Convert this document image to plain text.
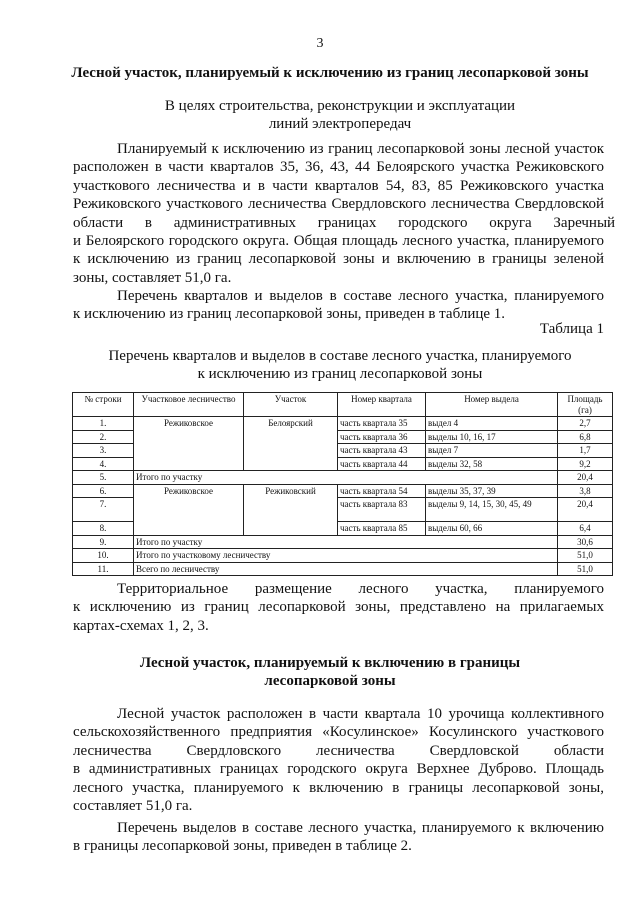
3
Лесной участок, планируемый к исключению из границ лесопарковой зоны
В целях строительства, реконструкции и эксплуатации
линий электропередач
Планируемый к исключению из границ лесопарковой зоны лесной участок
расположен в части кварталов 35, 36, 43, 44 Белоярского участка Режиковского
участкового лесничества и в части кварталов 54, 83, 85 Режиковского участка
Режиковского участкового лесничества Свердловского лесничества Свердловской
области в административных границах городского округа Заречный
и Белоярского городского округа. Общая площадь лесного участка, планируемого
к исключению из границ лесопарковой зоны и включению в границы зеленой
зоны, составляет 51,0 га.
Перечень кварталов и выделов в составе лесного участка, планируемого
к исключению из границ лесопарковой зоны, приведен в таблице 1.
Таблица 1
Перечень кварталов и выделов в составе лесного участка, планируемого
к исключению из границ лесопарковой зоны
№ строки	Участковое лесничество	Участок	Номер квартала	Номер выдела	Площадь (га)
1.	Режиковское	Белоярский	часть квартала 35	выдел 4	2,7
2.			часть квартала 36	выделы 10, 16, 17	6,8
3.			часть квартала 43	выдел 7	1,7
4.			часть квартала 44	выделы 32, 58	9,2
5.	Итого по участку				20,4
6.	Режиковское	Режиковский	часть квартала 54	выделы 35, 37, 39	3,8
7.			часть квартала 83	выделы 9, 14, 15, 30, 45, 49	20,4
8.			часть квартала 85	выделы 60, 66	6,4
9.	Итого по участку				30,6
10.	Итого по участковому лесничеству				51,0
11.	Всего по лесничеству				51,0
Территориальное размещение лесного участка, планируемого
к исключению из границ лесопарковой зоны, представлено на прилагаемых
картах-схемах 1, 2, 3.
Лесной участок, планируемый к включению в границы
лесопарковой зоны
Лесной участок расположен в части квартала 10 урочища коллективного
сельскохозяйственного предприятия «Косулинское» Косулинского участкового
лесничества Свердловского лесничества Свердловской области
в административных границах городского округа Верхнее Дуброво. Площадь
лесного участка, планируемого к включению в границы лесопарковой зоны,
составляет 51,0 га.
Перечень выделов в составе лесного участка, планируемого к включению
в границы лесопарковой зоны, приведен в таблице 2.
